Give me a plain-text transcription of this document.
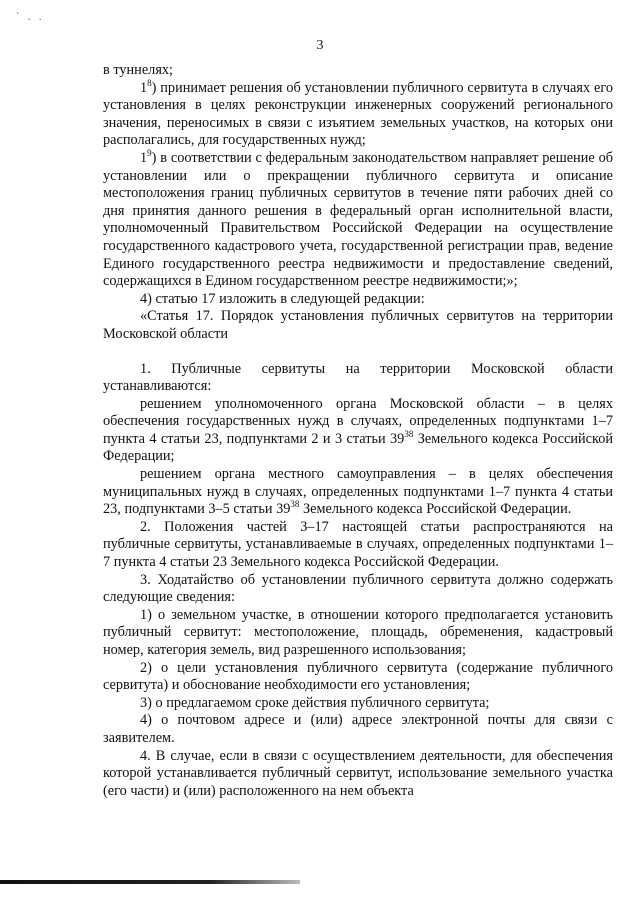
` . .
3

в туннелях;

$1^8$) принимает решения об установлении публичного сервитута в случаях его установления в целях реконструкции инженерных сооружений регионального значения, переносимых в связи с изъятием земельных участков, на которых они располагались, для государственных нужд;

$1^9$) в соответствии с федеральным законодательством направляет решение об установлении или о прекращении публичного сервитута и описание местоположения границ публичных сервитутов в течение пяти рабочих дней со дня принятия данного решения в федеральный орган исполнительной власти, уполномоченный Правительством Российской Федерации на осуществление государственного кадастрового учета, государственной регистрации прав, ведение Единого государственного реестра недвижимости и предоставление сведений, содержащихся в Едином государственном реестре недвижимости;»;

4) статью 17 изложить в следующей редакции:

«Статья 17. Порядок установления публичных сервитутов на территории Московской области

1. Публичные сервитуты на территории Московской области устанавливаются:

решением уполномоченного органа Московской области – в целях обеспечения государственных нужд в случаях, определенных подпунктами 1–7 пункта 4 статьи 23, подпунктами 2 и 3 статьи $39^{38}$ Земельного кодекса Российской Федерации;

решением органа местного самоуправления – в целях обеспечения муниципальных нужд в случаях, определенных подпунктами 1–7 пункта 4 статьи 23, подпунктами 3–5 статьи $39^{38}$ Земельного кодекса Российской Федерации.

2. Положения частей 3–17 настоящей статьи распространяются на публичные сервитуты, устанавливаемые в случаях, определенных подпунктами 1–7 пункта 4 статьи 23 Земельного кодекса Российской Федерации.

3. Ходатайство об установлении публичного сервитута должно содержать следующие сведения:

1) о земельном участке, в отношении которого предполагается установить публичный сервитут: местоположение, площадь, обременения, кадастровый номер, категория земель, вид разрешенного использования;

2) о цели установления публичного сервитута (содержание публичного сервитута) и обоснование необходимости его установления;

3) о предлагаемом сроке действия публичного сервитута;

4) о почтовом адресе и (или) адресе электронной почты для связи с заявителем.

4. В случае, если в связи с осуществлением деятельности, для обеспечения которой устанавливается публичный сервитут, использование земельного участка (его части) и (или) расположенного на нем объекта
